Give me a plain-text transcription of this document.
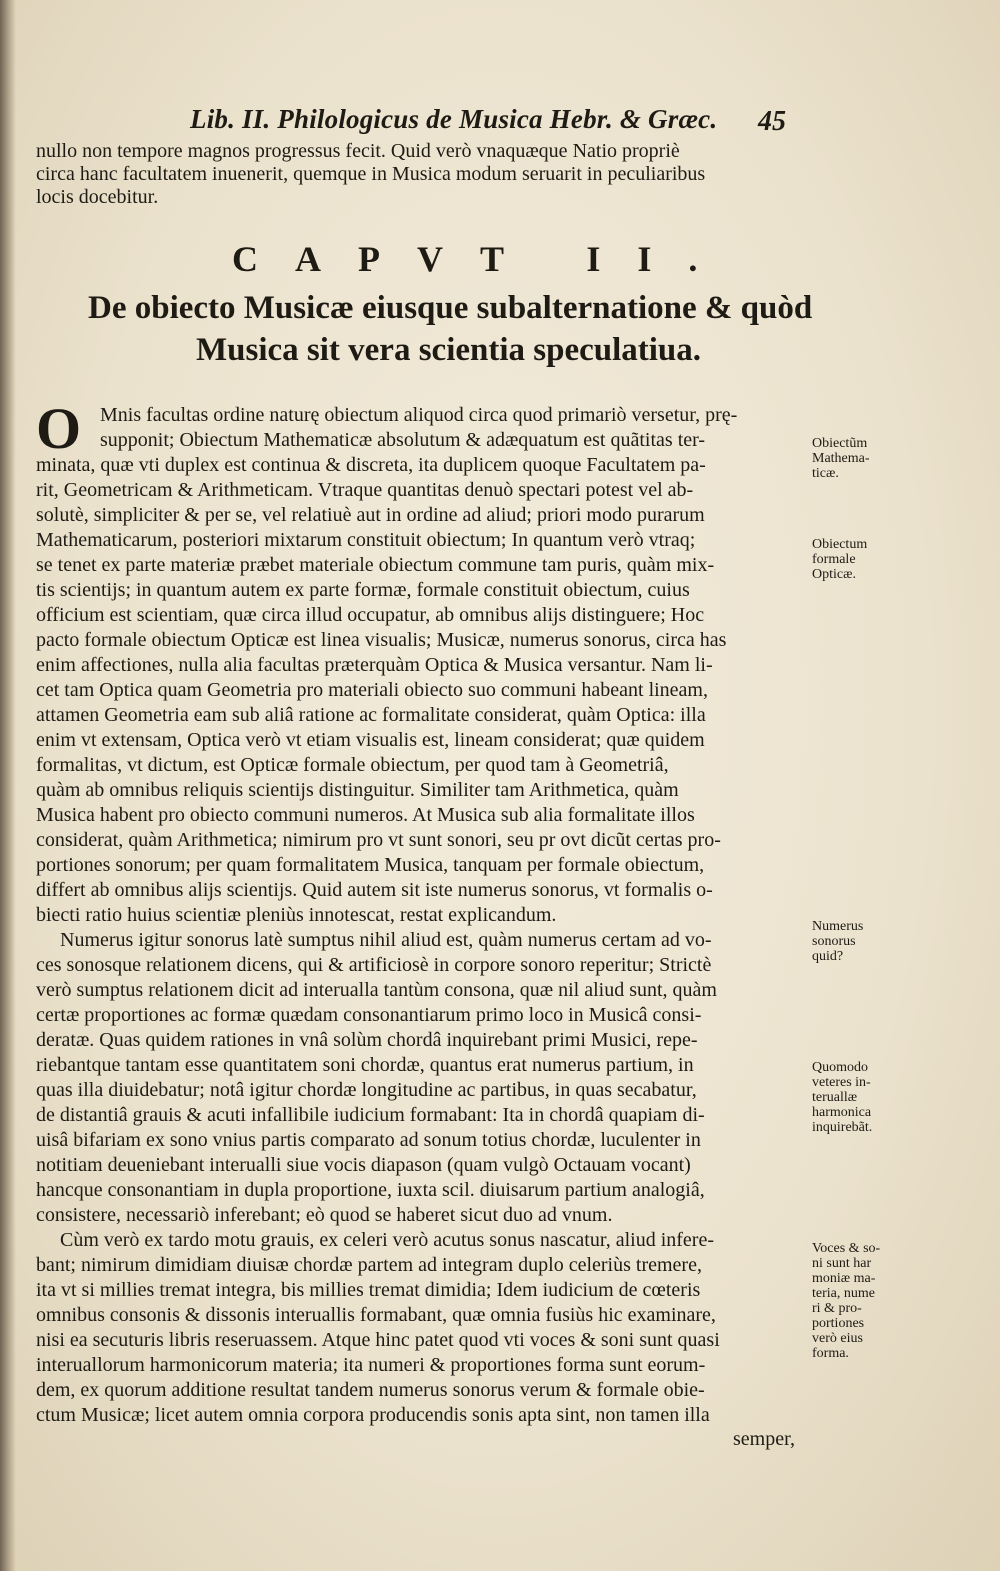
Lib. II. Philologicus de Musica Hebr. & Græc.	45
nullo non tempore magnos progressus fecit. Quid verò vnaquæque Natio propriè
circa hanc facultatem inuenerit, quemque in Musica modum seruarit in peculiaribus
locis docebitur.
CAPVT II.
De obiecto Musicæ eiusque subalternatione & quòd
Musica sit vera scientia speculatiua.
O Mnis facultas ordine naturę obiectum aliquod circa quod primariò versetur, prę-
supponit; Obiectum Mathematicæ absolutum & adæquatum est quãtitas ter-
minata, quæ vti duplex est continua & discreta, ita duplicem quoque Facultatem pa-
rit, Geometricam & Arithmeticam. Vtraque quantitas denuò spectari potest vel ab-
solutè, simpliciter & per se, vel relatiuè aut in ordine ad aliud; priori modo purarum
Mathematicarum, posteriori mixtarum constituit obiectum; In quantum verò vtraq;
se tenet ex parte materiæ præbet materiale obiectum commune tam puris, quàm mix-
tis scientijs; in quantum autem ex parte formæ, formale constituit obiectum, cuius
officium est scientiam, quæ circa illud occupatur, ab omnibus alijs distinguere; Hoc
pacto formale obiectum Opticæ est linea visualis; Musicæ, numerus sonorus, circa has
enim affectiones, nulla alia facultas præterquàm Optica & Musica versantur. Nam li-
cet tam Optica quam Geometria pro materiali obiecto suo communi habeant lineam,
attamen Geometria eam sub aliâ ratione ac formalitate considerat, quàm Optica: illa
enim vt extensam, Optica verò vt etiam visualis est, lineam considerat; quæ quidem
formalitas, vt dictum, est Opticæ formale obiectum, per quod tam à Geometriâ,
quàm ab omnibus reliquis scientijs distinguitur. Similiter tam Arithmetica, quàm
Musica habent pro obiecto communi numeros. At Musica sub alia formalitate illos
considerat, quàm Arithmetica; nimirum pro vt sunt sonori, seu pr ovt dicũt certas pro-
portiones sonorum; per quam formalitatem Musica, tanquam per formale obiectum,
differt ab omnibus alijs scientijs. Quid autem sit iste numerus sonorus, vt formalis o-
biecti ratio huius scientiæ pleniùs innotescat, restat explicandum.
Numerus igitur sonorus latè sumptus nihil aliud est, quàm numerus certam ad vo-
ces sonosque relationem dicens, qui & artificiosè in corpore sonoro reperitur; Strictè
verò sumptus relationem dicit ad interualla tantùm consona, quæ nil aliud sunt, quàm
certæ proportiones ac formæ quædam consonantiarum primo loco in Musicâ consi-
deratæ. Quas quidem rationes in vnâ solùm chordâ inquirebant primi Musici, repe-
riebantque tantam esse quantitatem soni chordæ, quantus erat numerus partium, in
quas illa diuidebatur; notâ igitur chordæ longitudine ac partibus, in quas secabatur,
de distantiâ grauis & acuti infallibile iudicium formabant: Ita in chordâ quapiam di-
uisâ bifariam ex sono vnius partis comparato ad sonum totius chordæ, luculenter in
notitiam deueniebant interualli siue vocis diapason (quam vulgò Octauam vocant)
hancque consonantiam in dupla proportione, iuxta scil. diuisarum partium analogiâ,
consistere, necessariò inferebant; eò quod se haberet sicut duo ad vnum.
Cùm verò ex tardo motu grauis, ex celeri verò acutus sonus nascatur, aliud infere-
bant; nimirum dimidiam diuisæ chordæ partem ad integram duplo celeriùs tremere,
ita vt si millies tremat integra, bis millies tremat dimidia; Idem iudicium de cœteris
omnibus consonis & dissonis interuallis formabant, quæ omnia fusiùs hic examinare,
nisi ea secuturis libris reseruassem. Atque hinc patet quod vti voces & soni sunt quasi
interuallorum harmonicorum materia; ita numeri & proportiones forma sunt eorum-
dem, ex quorum additione resultat tandem numerus sonorus verum & formale obie-
ctum Musicæ; licet autem omnia corpora producendis sonis apta sint, non tamen illa
semper,
Obiectũm
Mathema-
ticæ.
Obiectum
formale
Opticæ.
Numerus
sonorus
quid?
Quomodo
veteres in-
teruallæ
harmonica
inquirebãt.
Voces & so-
ni sunt har
moniæ ma-
teria, nume
ri & pro-
portiones
verò eius
forma.
